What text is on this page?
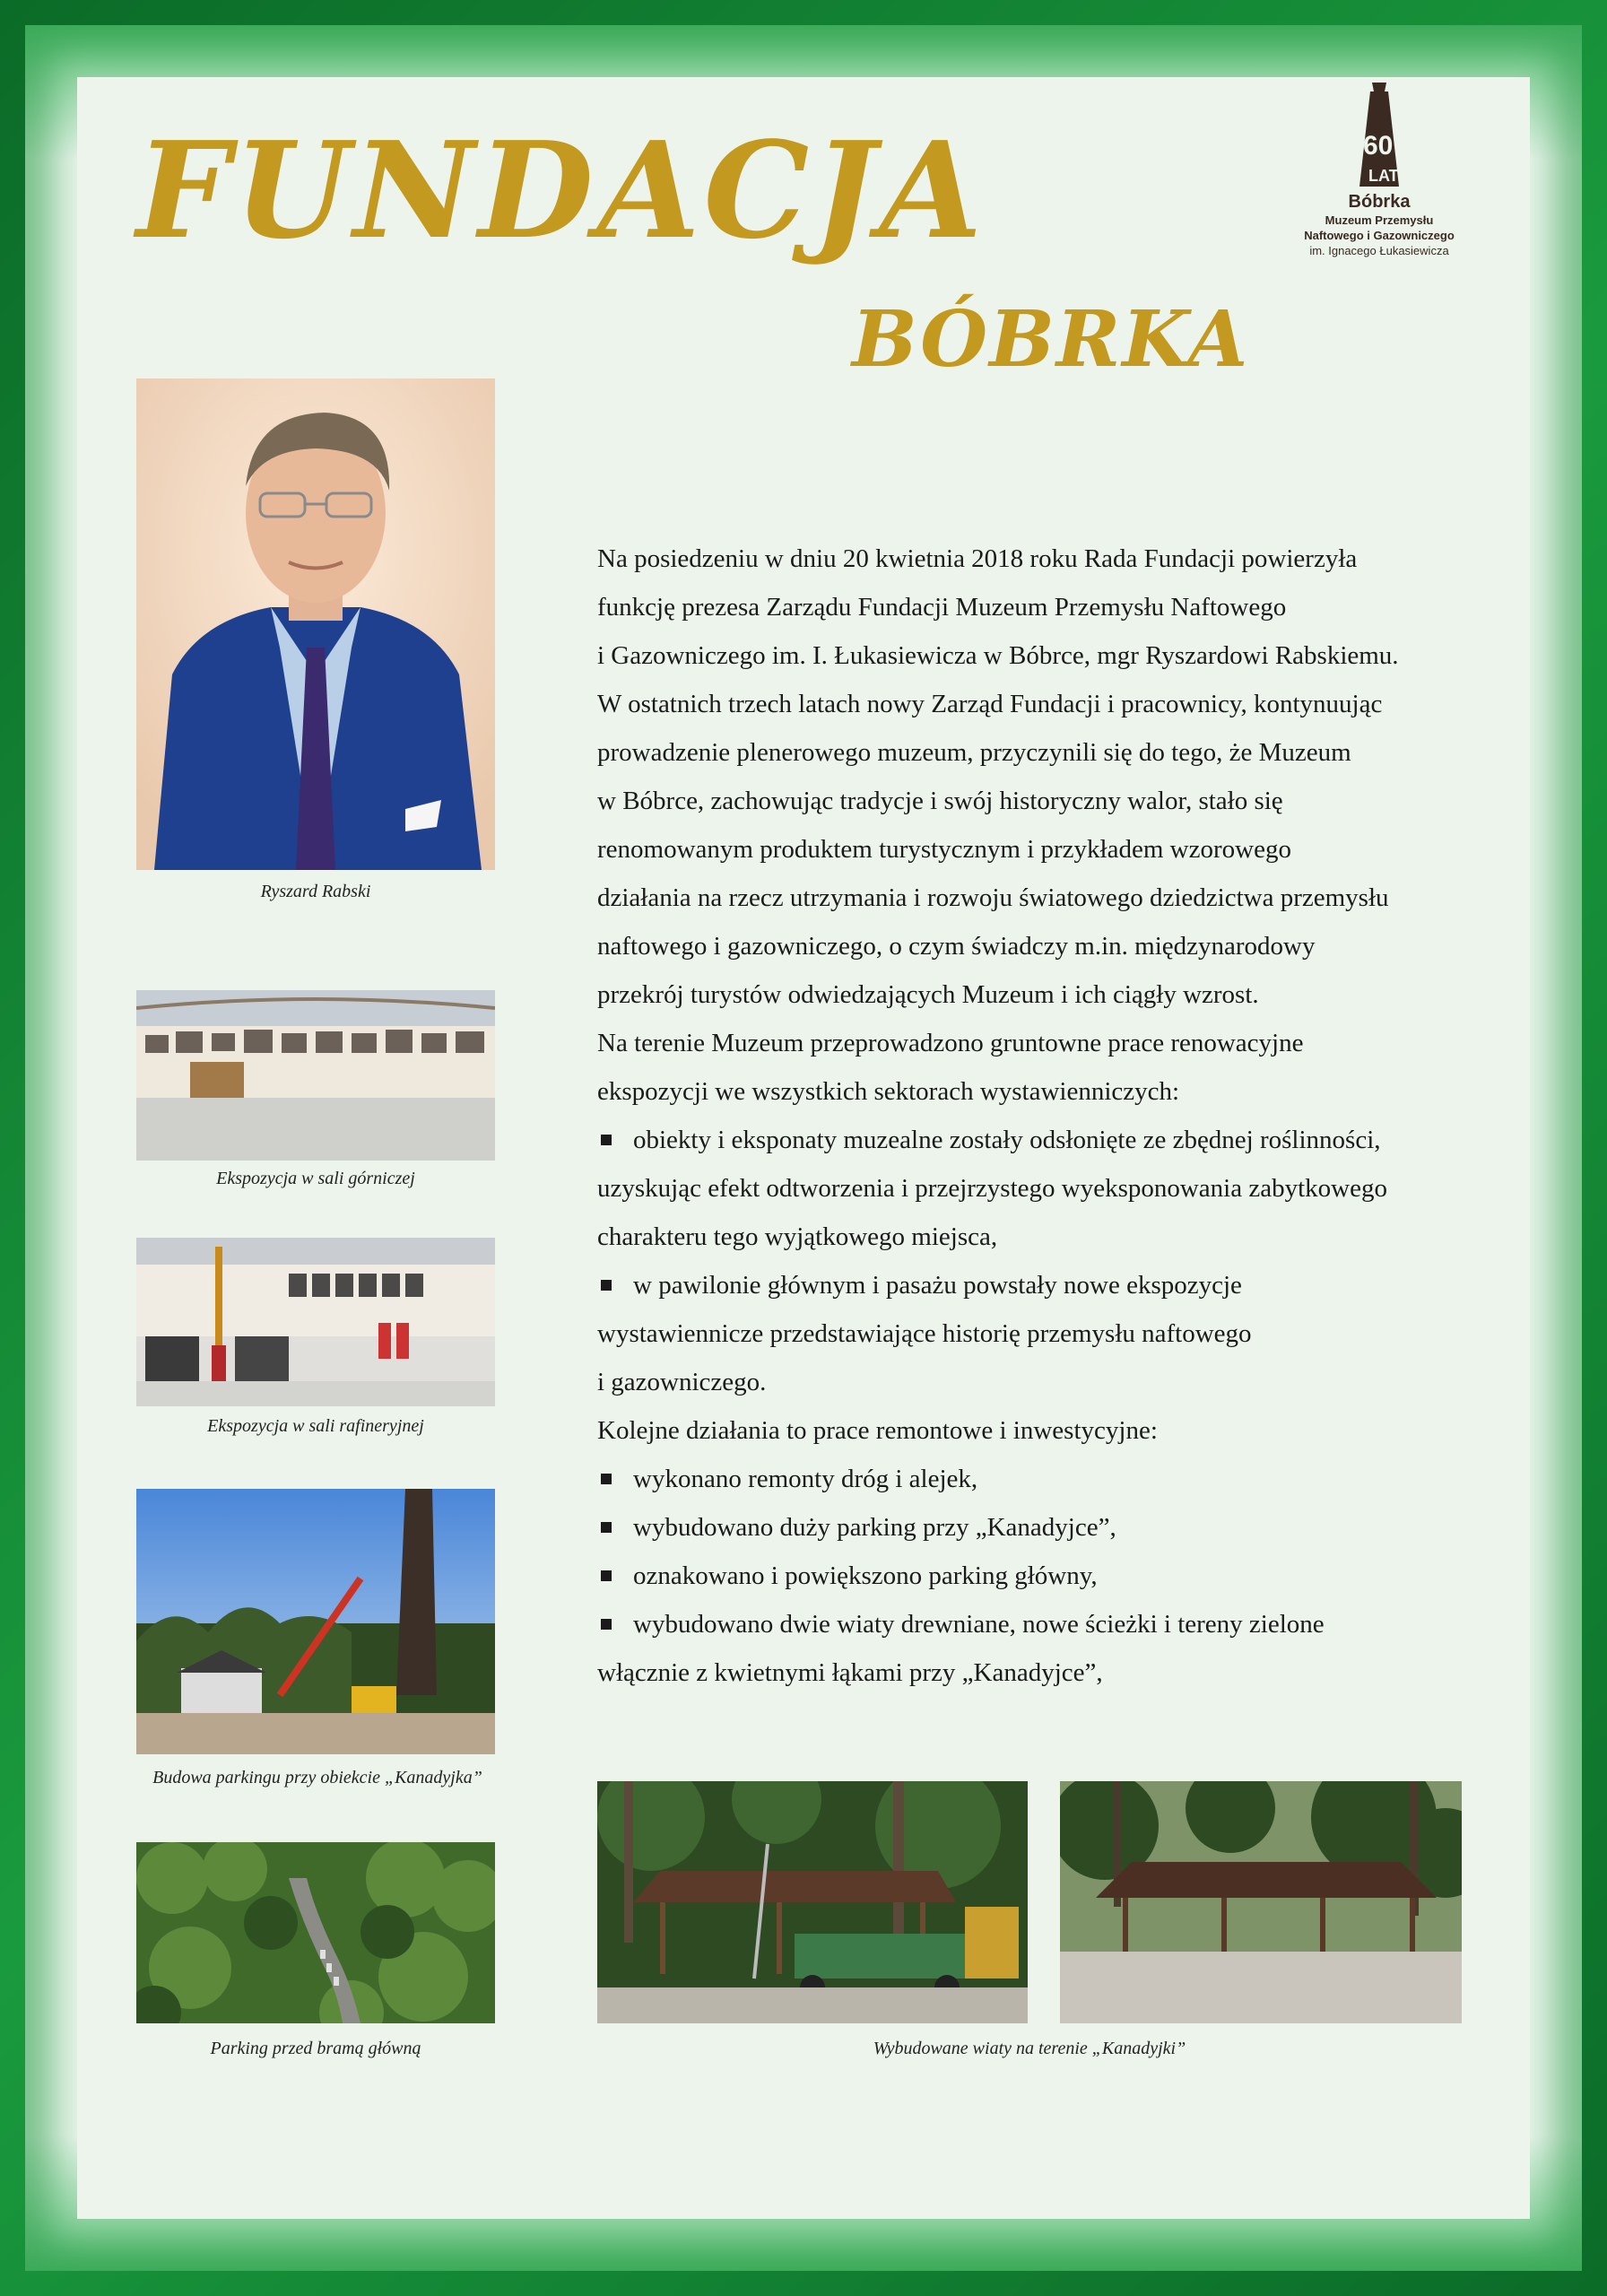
FUNDACJA
BÓBRKA
60
LAT
Bóbrka
Muzeum Przemysłu
Naftowego i Gazowniczego
im. Ignacego Łukasiewicza
Ryszard Rabski
Ekspozycja w sali górniczej
Ekspozycja w sali rafineryjnej
Budowa parkingu przy obiekcie „Kanadyjka”
Parking przed bramą główną

Na posiedzeniu w dniu 20 kwietnia 2018 roku Rada Fundacji powierzyła

funkcję prezesa Zarządu Fundacji Muzeum Przemysłu Naftowego

i Gazowniczego im. I. Łukasiewicza w Bóbrce, mgr Ryszardowi Rabskiemu.

W ostatnich trzech latach nowy Zarząd Fundacji i pracownicy, kontynuując

prowadzenie plenerowego muzeum, przyczynili się do tego, że Muzeum

w Bóbrce, zachowując tradycje i swój historyczny walor, stało się

renomowanym produktem turystycznym i przykładem wzorowego

działania na rzecz utrzymania i rozwoju światowego dziedzictwa przemysłu

naftowego i gazowniczego, o czym świadczy m.in. międzynarodowy

przekrój turystów odwiedzających Muzeum i ich ciągły wzrost.

Na terenie Muzeum przeprowadzono gruntowne prace renowacyjne

ekspozycji we wszystkich sektorach wystawienniczych:

obiekty i eksponaty muzealne zostały odsłonięte ze zbędnej roślinności,

uzyskując efekt odtworzenia i przejrzystego wyeksponowania zabytkowego

charakteru tego wyjątkowego miejsca,

w pawilonie głównym i pasażu powstały nowe ekspozycje

wystawiennicze przedstawiające historię przemysłu naftowego

i gazowniczego.

Kolejne działania to prace remontowe i inwestycyjne:

wykonano remonty dróg i alejek,

wybudowano duży parking przy „Kanadyjce”,

oznakowano i powiększono parking główny,

wybudowano dwie wiaty drewniane, nowe ścieżki i tereny zielone

włącznie z kwietnymi łąkami przy „Kanadyjce”,

Wybudowane wiaty na terenie „Kanadyjki”
